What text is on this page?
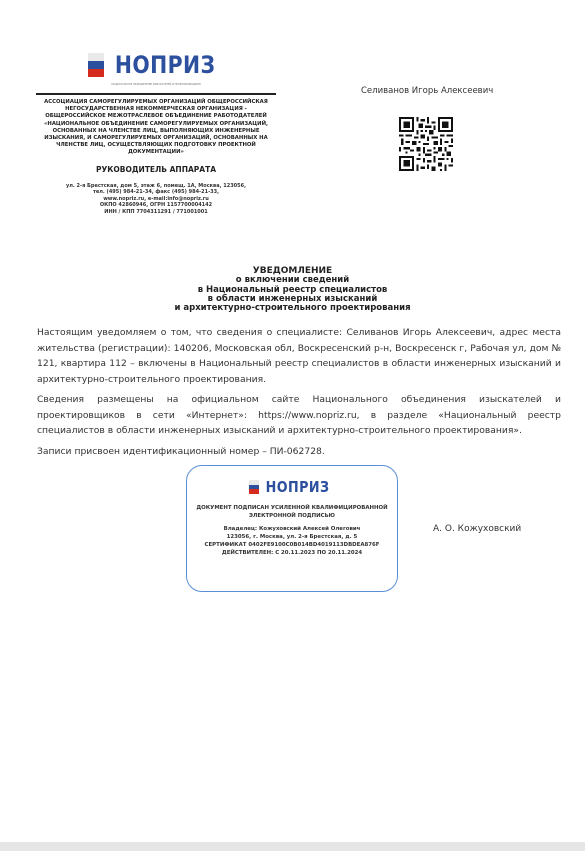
НОПРИЗ
НАЦИОНАЛЬНОЕ ОБЪЕДИНЕНИЕ ИЗЫСКАТЕЛЕЙ И ПРОЕКТИРОВЩИКОВ
АССОЦИАЦИЯ САМОРЕГУЛИРУЕМЫХ ОРГАНИЗАЦИЙ ОБЩЕРОССИЙСКАЯ НЕГОСУДАРСТВЕННАЯ НЕКОММЕРЧЕСКАЯ ОРГАНИЗАЦИЯ - ОБЩЕРОССИЙСКОЕ МЕЖОТРАСЛЕВОЕ ОБЪЕДИНЕНИЕ РАБОТОДАТЕЛЕЙ «НАЦИОНАЛЬНОЕ ОБЪЕДИНЕНИЕ САМОРЕГУЛИРУЕМЫХ ОРГАНИЗАЦИЙ, ОСНОВАННЫХ НА ЧЛЕНСТВЕ ЛИЦ, ВЫПОЛНЯЮЩИХ ИНЖЕНЕРНЫЕ ИЗЫСКАНИЯ, И САМОРЕГУЛИРУЕМЫХ ОРГАНИЗАЦИЙ, ОСНОВАННЫХ НА ЧЛЕНСТВЕ ЛИЦ, ОСУЩЕСТВЛЯЮЩИХ ПОДГОТОВКУ ПРОЕКТНОЙ ДОКУМЕНТАЦИИ»
РУКОВОДИТЕЛЬ АППАРАТА
ул. 2-я Брестская, дом 5, этаж 6, помещ. 1А, Москва, 123056,
тел. (495) 984-21-34, факс (495) 984-21-33,
www.nopriz.ru, e-mail:info@nopriz.ru
ОКПО 42860946, ОГРН 1157700004142
ИНН / КПП 7704311291 / 771001001
Селиванов Игорь Алексеевич
УВЕДОМЛЕНИЕ
о включении сведений
в Национальный реестр специалистов
в области инженерных изысканий
и архитектурно-строительного проектирования

Настоящим уведомляем о том, что сведения о специалисте: Селиванов Игорь Алексеевич, адрес места жительства (регистрации): 140206, Московская обл, Воскресенский р-н, Воскресенск г, Рабочая ул, дом № 121, квартира 112 – включены в Национальный реестр специалистов в области инженерных изысканий и архитектурно-строительного проектирования.

Сведения размещены на официальном сайте Национального объединения изыскателей и проектировщиков в сети «Интернет»: https://www.nopriz.ru, в разделе «Национальный реестр специалистов в области инженерных изысканий и архитектурно-строительного проектирования».

Записи присвоен идентификационный номер – ПИ-062728.

НОПРИЗ
ДОКУМЕНТ ПОДПИСАН УСИЛЕННОЙ КВАЛИФИЦИРОВАННОЙ
ЭЛЕКТРОННОЙ ПОДПИСЬЮ
Владелец: Кожуховский Алексей Олегович
123056, г. Москва, ул. 2-я Брестская, д. 5
СЕРТИФИКАТ 0402FE9100C0B014BD4019113DBDEA876F
ДЕЙСТВИТЕЛЕН: С 20.11.2023 ПО 20.11.2024
А. О. Кожуховский
